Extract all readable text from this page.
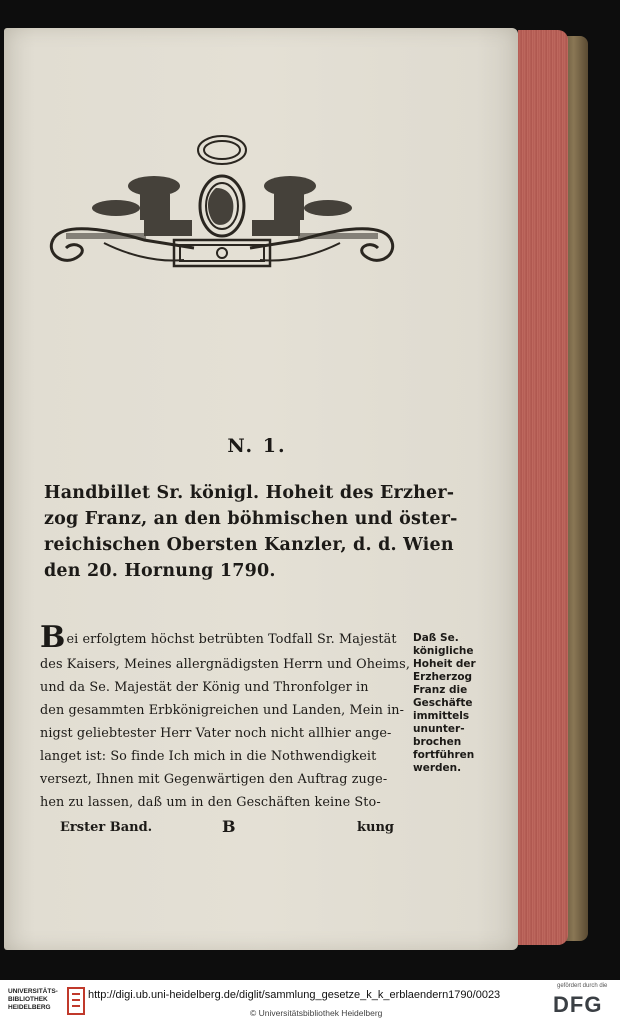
N. 1.
Handbillet Sr. königl. Hoheit des Erzher-
zog Franz, an den böhmischen und öster-
reichischen Obersten Kanzler, d. d. Wien
den 20. Hornung 1790.
Bei erfolgtem höchst betrübten Todfall Sr. Majestät
des Kaisers, Meines allergnädigsten Herrn und Oheims,
und da Se. Majestät der König und Thronfolger in
den gesammten Erbkönigreichen und Landen, Mein in-
nigst geliebtester Herr Vater noch nicht allhier ange-
langet ist: So finde Ich mich in die Nothwendigkeit
versezt, Ihnen mit Gegenwärtigen den Auftrag zuge-
hen zu lassen, daß um in den Geschäften keine Sto-
Daß Se.
königliche
Hoheit der
Erzherzog
Franz die
Geschäfte
immittels
ununter-
brochen
fortführen
werden.
Erster Band.	B	kung
UNIVERSITÄTS-
BIBLIOTHEK
HEIDELBERG
http://digi.ub.uni-heidelberg.de/diglit/sammlung_gesetze_k_k_erblaendern1790/0023
© Universitätsbibliothek Heidelberg
gefördert durch die
DFG
